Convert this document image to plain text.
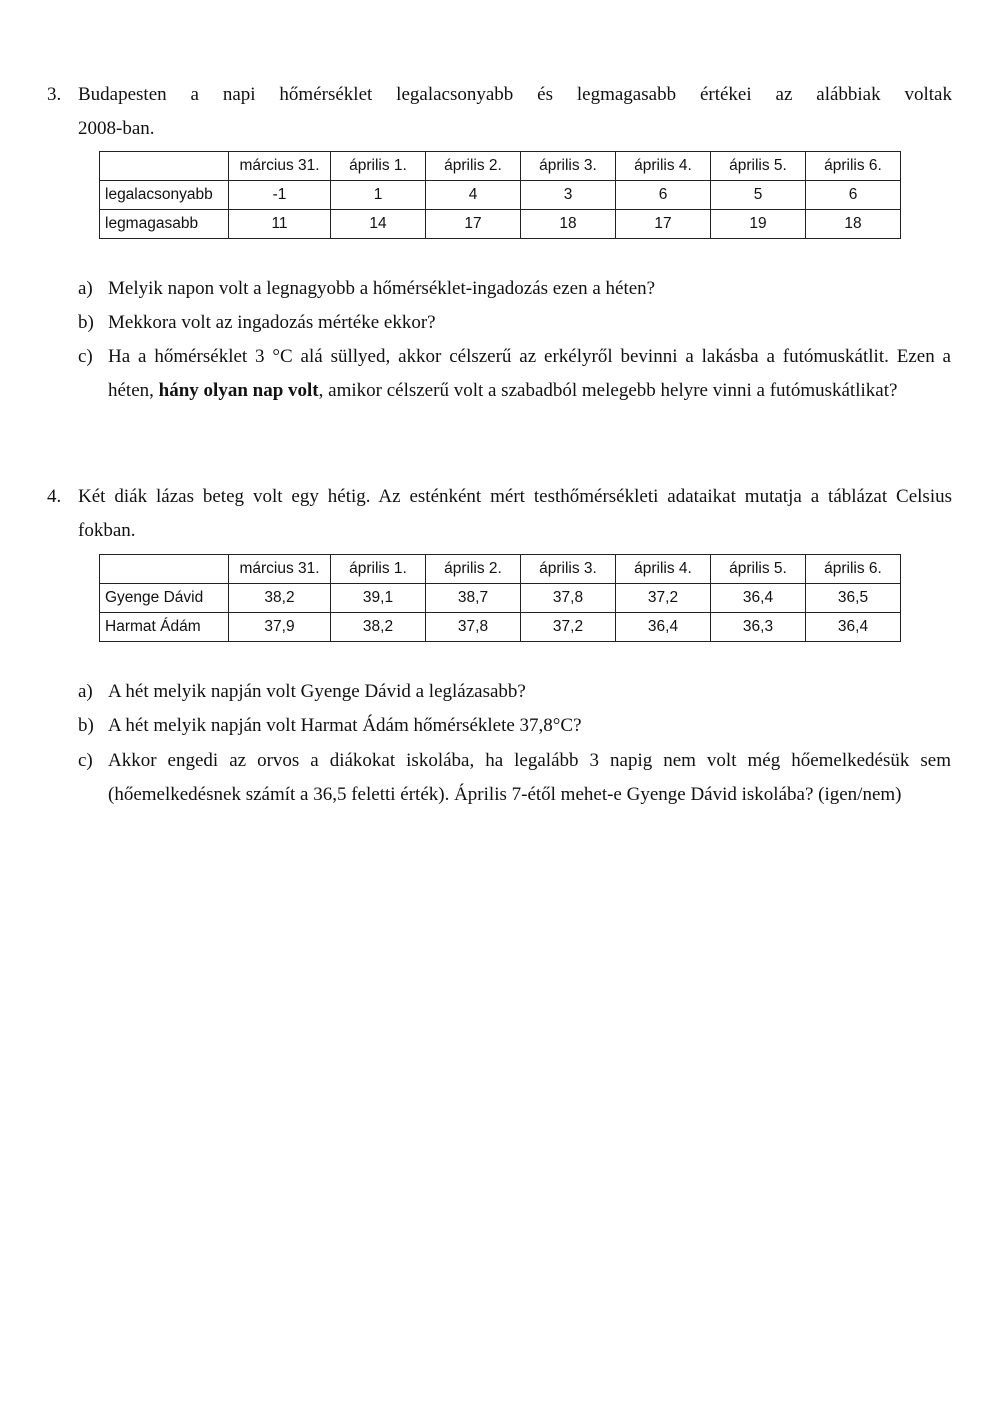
3. Budapesten a napi hőmérséklet legalacsonyabb és legmagasabb értékei az alábbiak voltak
2008-ban.
	március 31.	április 1.	április 2.	április 3.	április 4.	április 5.	április 6.
legalacsonyabb	-1	1	4	3	6	5	6
legmagasabb	11	14	17	18	17	19	18
a) Melyik napon volt a legnagyobb a hőmérséklet-ingadozás ezen a héten?
b) Mekkora volt az ingadozás mértéke ekkor?
c) Ha a hőmérséklet 3 °C alá süllyed, akkor célszerű az erkélyről bevinni a lakásba a futómuskátlit. Ezen a
héten, hány olyan nap volt, amikor célszerű volt a szabadból melegebb helyre vinni a futómuskátlikat?
4. Két diák lázas beteg volt egy hétig. Az esténként mért testhőmérsékleti adataikat mutatja a táblázat Celsius
fokban.
	március 31.	április 1.	április 2.	április 3.	április 4.	április 5.	április 6.
Gyenge Dávid	38,2	39,1	38,7	37,8	37,2	36,4	36,5
Harmat Ádám	37,9	38,2	37,8	37,2	36,4	36,3	36,4
a) A hét melyik napján volt Gyenge Dávid a leglázasabb?
b) A hét melyik napján volt Harmat Ádám hőmérséklete 37,8°C?
c) Akkor engedi az orvos a diákokat iskolába, ha legalább 3 napig nem volt még hőemelkedésük sem
(hőemelkedésnek számít a 36,5 feletti érték). Április 7-étől mehet-e Gyenge Dávid iskolába? (igen/nem)
